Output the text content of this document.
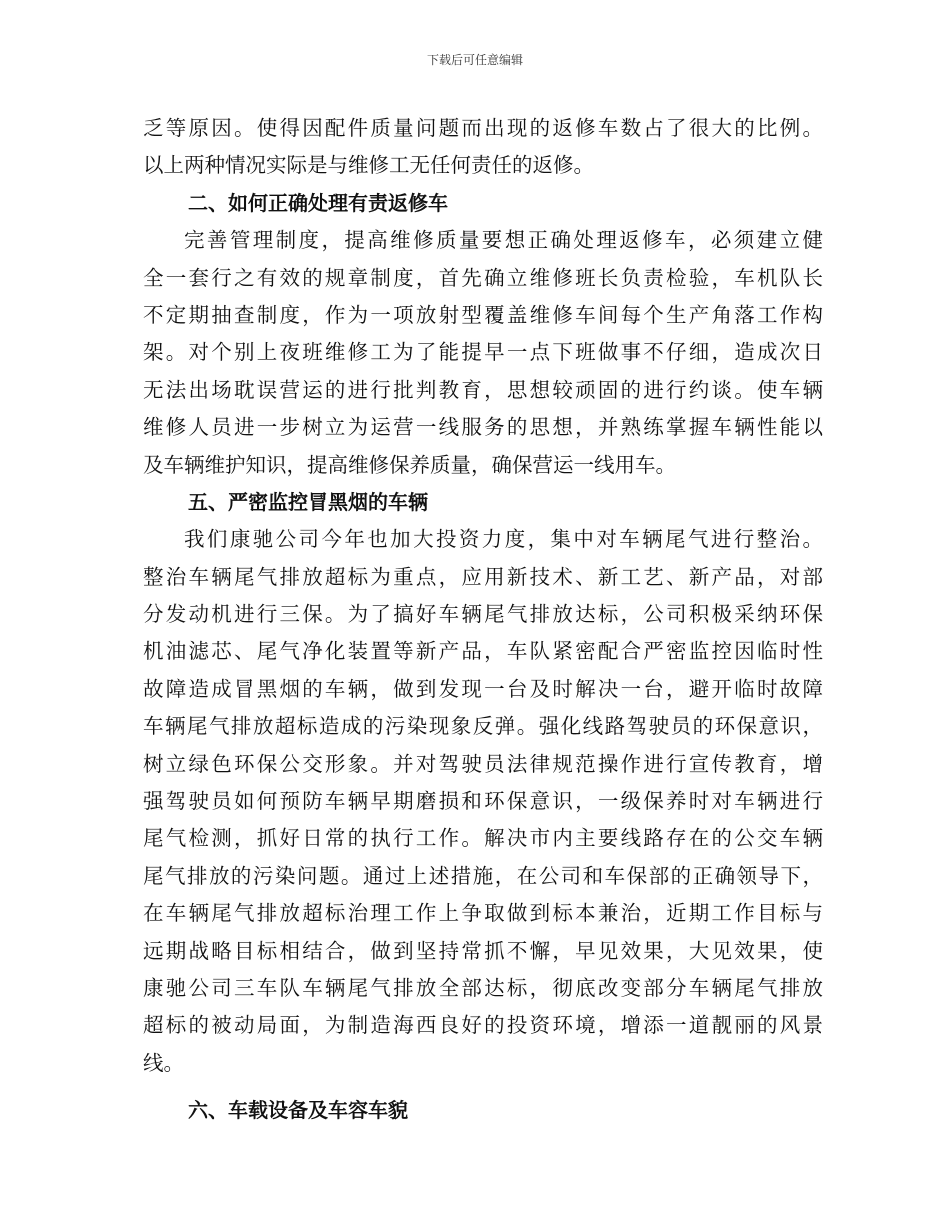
下载后可任意编辑
乏等原因。使得因配件质量问题而出现的返修车数占了很大的比例。
以上两种情况实际是与维修工无任何责任的返修。
二、如何正确处理有责返修车
完善管理制度，提高维修质量要想正确处理返修车，必须建立健
全一套行之有效的规章制度，首先确立维修班长负责检验，车机队长
不定期抽查制度，作为一项放射型覆盖维修车间每个生产角落工作构
架。对个别上夜班维修工为了能提早一点下班做事不仔细，造成次日
无法出场耽误营运的进行批判教育，思想较顽固的进行约谈。使车辆
维修人员进一步树立为运营一线服务的思想，并熟练掌握车辆性能以
及车辆维护知识，提高维修保养质量，确保营运一线用车。
五、严密监控冒黑烟的车辆
我们康驰公司今年也加大投资力度，集中对车辆尾气进行整治。
整治车辆尾气排放超标为重点，应用新技术、新工艺、新产品，对部
分发动机进行三保。为了搞好车辆尾气排放达标，公司积极采纳环保
机油滤芯、尾气净化装置等新产品，车队紧密配合严密监控因临时性
故障造成冒黑烟的车辆，做到发现一台及时解决一台，避开临时故障
车辆尾气排放超标造成的污染现象反弹。强化线路驾驶员的环保意识，
树立绿色环保公交形象。并对驾驶员法律规范操作进行宣传教育，增
强驾驶员如何预防车辆早期磨损和环保意识，一级保养时对车辆进行
尾气检测，抓好日常的执行工作。解决市内主要线路存在的公交车辆
尾气排放的污染问题。通过上述措施，在公司和车保部的正确领导下，
在车辆尾气排放超标治理工作上争取做到标本兼治，近期工作目标与
远期战略目标相结合，做到坚持常抓不懈，早见效果，大见效果，使
康驰公司三车队车辆尾气排放全部达标，彻底改变部分车辆尾气排放
超标的被动局面，为制造海西良好的投资环境，增添一道靓丽的风景
线。
六、车载设备及车容车貌
